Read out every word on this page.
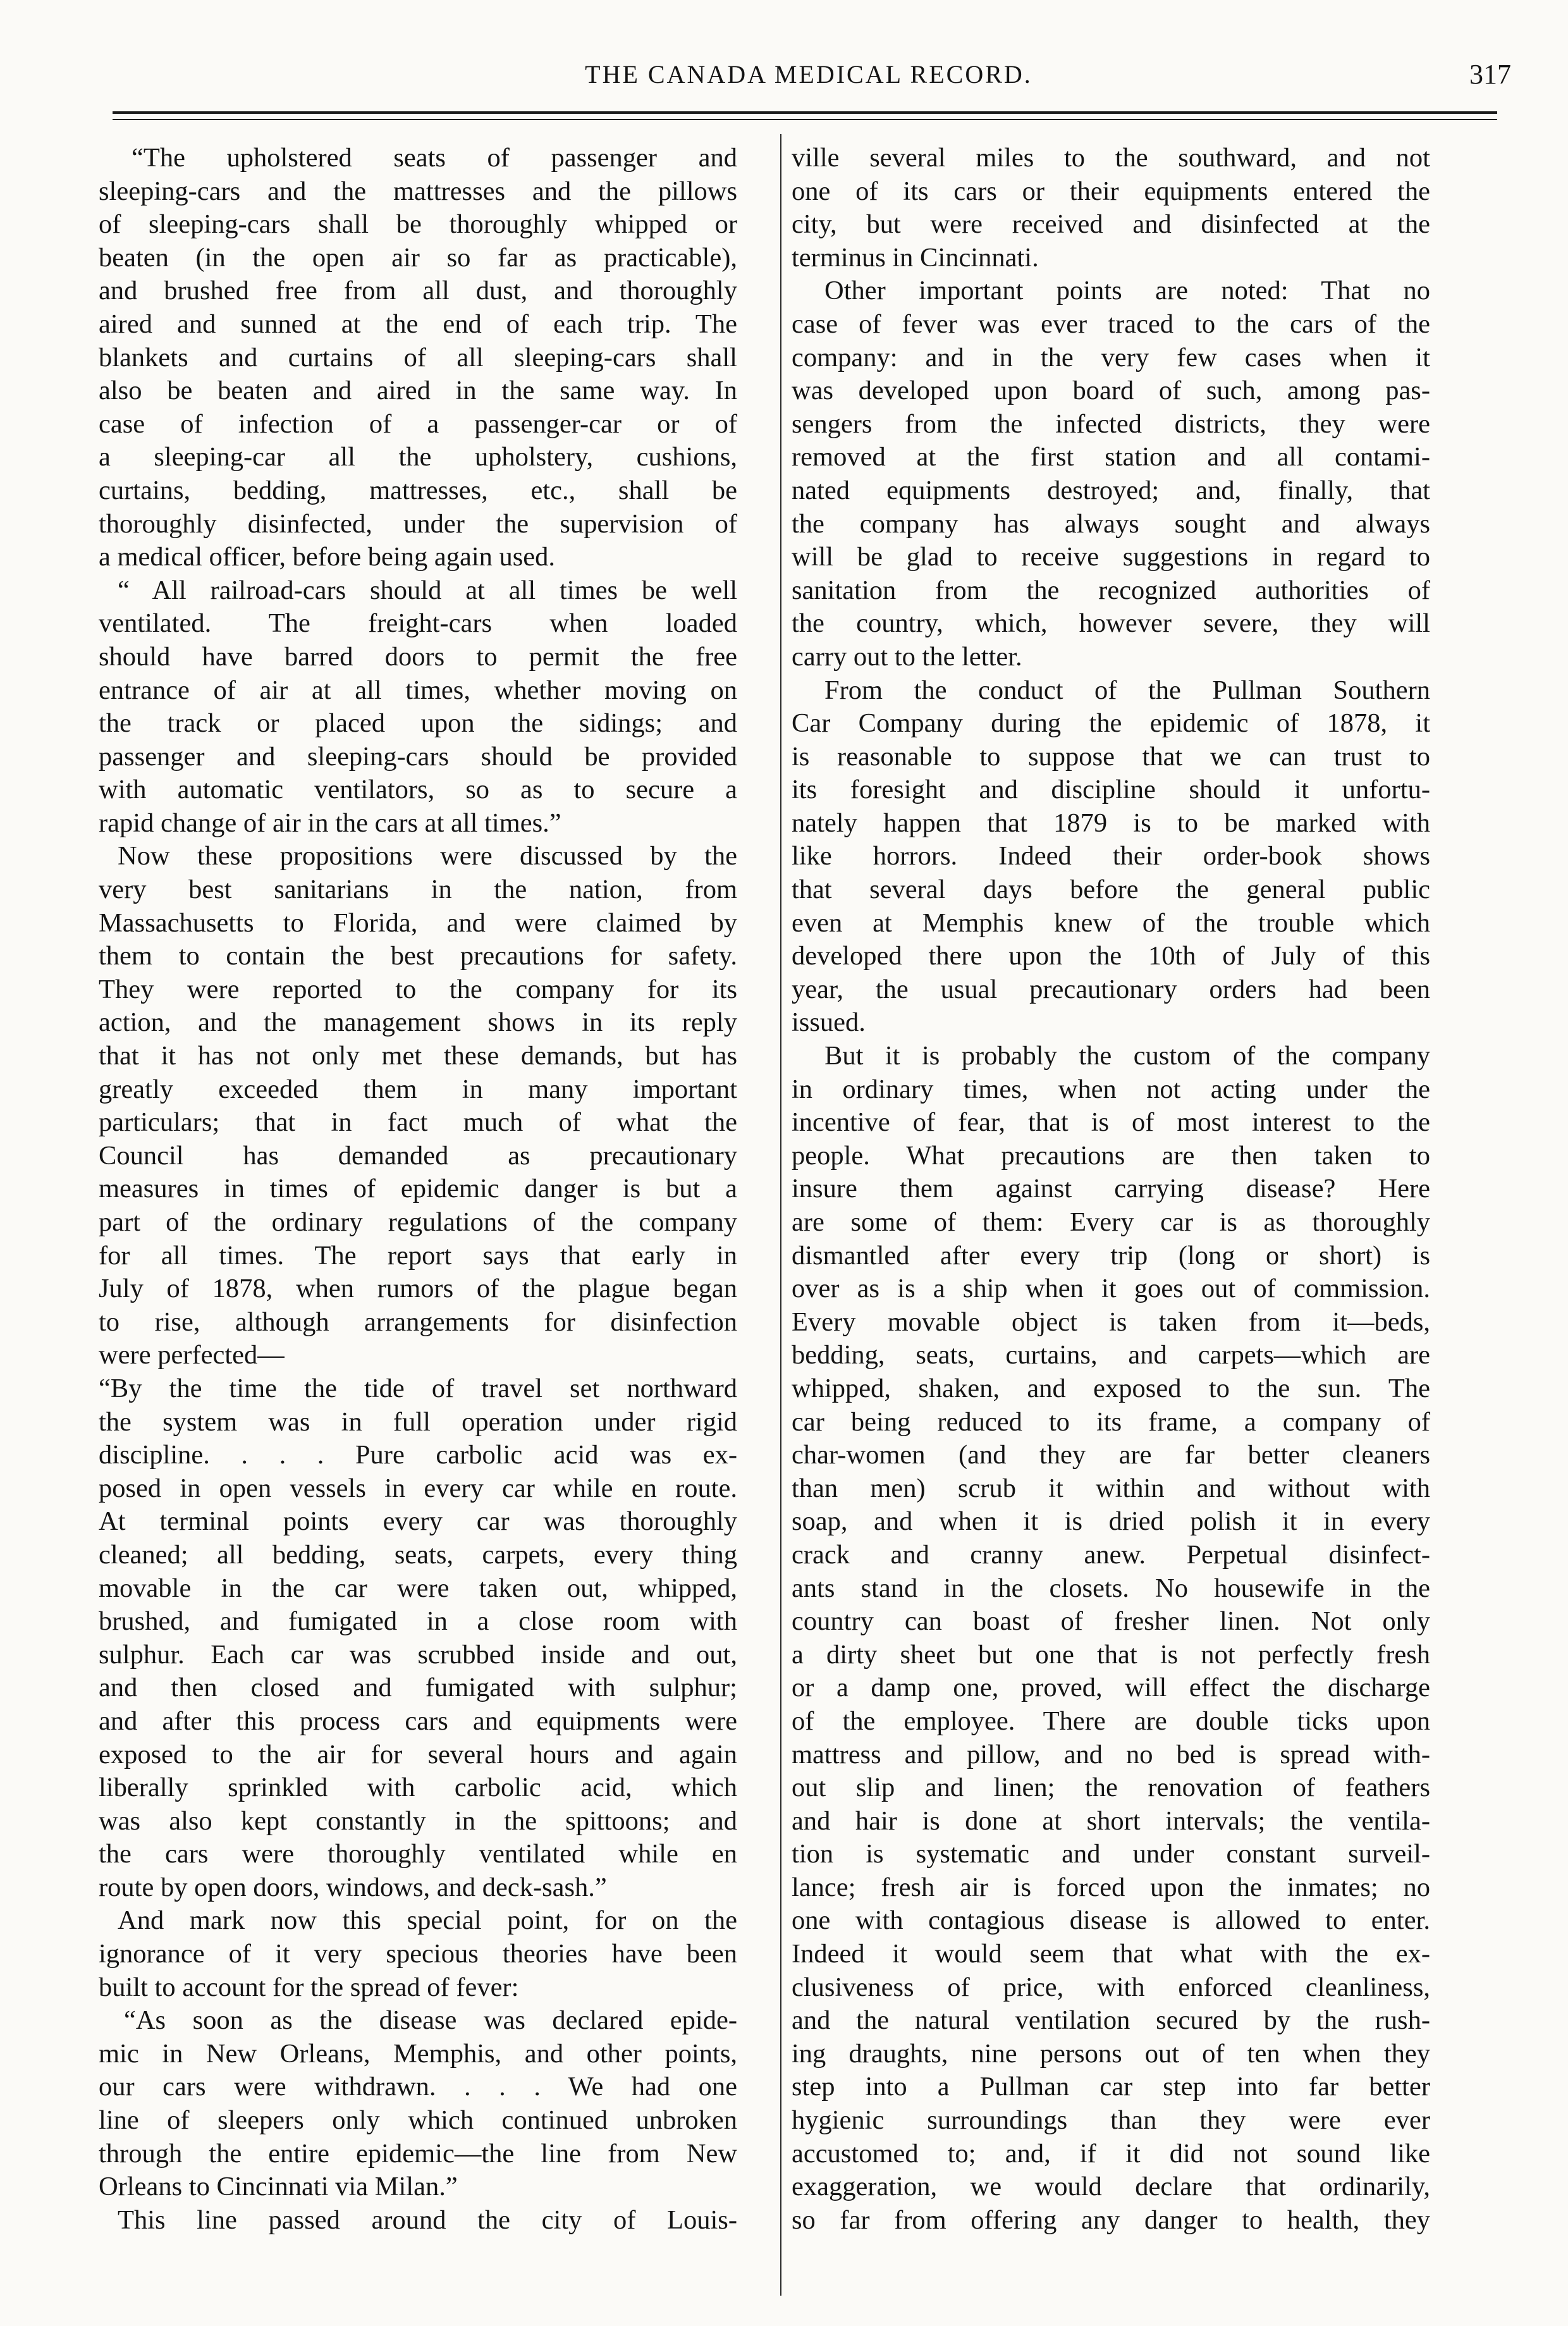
THE CANADA MEDICAL RECORD.	317
“The upholstered seats of passenger and
sleeping-cars and the mattresses and the pillows
of sleeping-cars shall be thoroughly whipped or
beaten (in the open air so far as practicable),
and brushed free from all dust, and thoroughly
aired and sunned at the end of each trip. The
blankets and curtains of all sleeping-cars shall
also be beaten and aired in the same way. In
case of infection of a passenger-car or of
a sleeping-car all the upholstery, cushions,
curtains, bedding, mattresses, etc., shall be
thoroughly disinfected, under the supervision of
a medical officer, before being again used.
“ All railroad-cars should at all times be well
ventilated. The freight-cars when loaded
should have barred doors to permit the free
entrance of air at all times, whether moving on
the track or placed upon the sidings; and
passenger and sleeping-cars should be provided
with automatic ventilators, so as to secure a
rapid change of air in the cars at all times.”
Now these propositions were discussed by the
very best sanitarians in the nation, from
Massachusetts to Florida, and were claimed by
them to contain the best precautions for safety.
They were reported to the company for its
action, and the management shows in its reply
that it has not only met these demands, but has
greatly exceeded them in many important
particulars; that in fact much of what the
Council has demanded as precautionary
measures in times of epidemic danger is but a
part of the ordinary regulations of the company
for all times. The report says that early in
July of 1878, when rumors of the plague began
to rise, although arrangements for disinfection
were perfected—
“By the time the tide of travel set northward
the system was in full operation under rigid
discipline. . . . Pure carbolic acid was ex-
posed in open vessels in every car while en route.
At terminal points every car was thoroughly
cleaned; all bedding, seats, carpets, every thing
movable in the car were taken out, whipped,
brushed, and fumigated in a close room with
sulphur. Each car was scrubbed inside and out,
and then closed and fumigated with sulphur;
and after this process cars and equipments were
exposed to the air for several hours and again
liberally sprinkled with carbolic acid, which
was also kept constantly in the spittoons; and
the cars were thoroughly ventilated while en
route by open doors, windows, and deck-sash.”
And mark now this special point, for on the
ignorance of it very specious theories have been
built to account for the spread of fever:
“As soon as the disease was declared epide-
mic in New Orleans, Memphis, and other points,
our cars were withdrawn. . . . We had one
line of sleepers only which continued unbroken
through the entire epidemic—the line from New
Orleans to Cincinnati via Milan.”
This line passed around the city of Louis-
ville several miles to the southward, and not
one of its cars or their equipments entered the
city, but were received and disinfected at the
terminus in Cincinnati.
Other important points are noted: That no
case of fever was ever traced to the cars of the
company: and in the very few cases when it
was developed upon board of such, among pas-
sengers from the infected districts, they were
removed at the first station and all contami-
nated equipments destroyed; and, finally, that
the company has always sought and always
will be glad to receive suggestions in regard to
sanitation from the recognized authorities of
the country, which, however severe, they will
carry out to the letter.
From the conduct of the Pullman Southern
Car Company during the epidemic of 1878, it
is reasonable to suppose that we can trust to
its foresight and discipline should it unfortu-
nately happen that 1879 is to be marked with
like horrors. Indeed their order-book shows
that several days before the general public
even at Memphis knew of the trouble which
developed there upon the 10th of July of this
year, the usual precautionary orders had been
issued.
But it is probably the custom of the company
in ordinary times, when not acting under the
incentive of fear, that is of most interest to the
people. What precautions are then taken to
insure them against carrying disease? Here
are some of them: Every car is as thoroughly
dismantled after every trip (long or short) is
over as is a ship when it goes out of commission.
Every movable object is taken from it—beds,
bedding, seats, curtains, and carpets—which are
whipped, shaken, and exposed to the sun. The
car being reduced to its frame, a company of
char-women (and they are far better cleaners
than men) scrub it within and without with
soap, and when it is dried polish it in every
crack and cranny anew. Perpetual disinfect-
ants stand in the closets. No housewife in the
country can boast of fresher linen. Not only
a dirty sheet but one that is not perfectly fresh
or a damp one, proved, will effect the discharge
of the employee. There are double ticks upon
mattress and pillow, and no bed is spread with-
out slip and linen; the renovation of feathers
and hair is done at short intervals; the ventila-
tion is systematic and under constant surveil-
lance; fresh air is forced upon the inmates; no
one with contagious disease is allowed to enter.
Indeed it would seem that what with the ex-
clusiveness of price, with enforced cleanliness,
and the natural ventilation secured by the rush-
ing draughts, nine persons out of ten when they
step into a Pullman car step into far better
hygienic surroundings than they were ever
accustomed to; and, if it did not sound like
exaggeration, we would declare that ordinarily,
so far from offering any danger to health, they
